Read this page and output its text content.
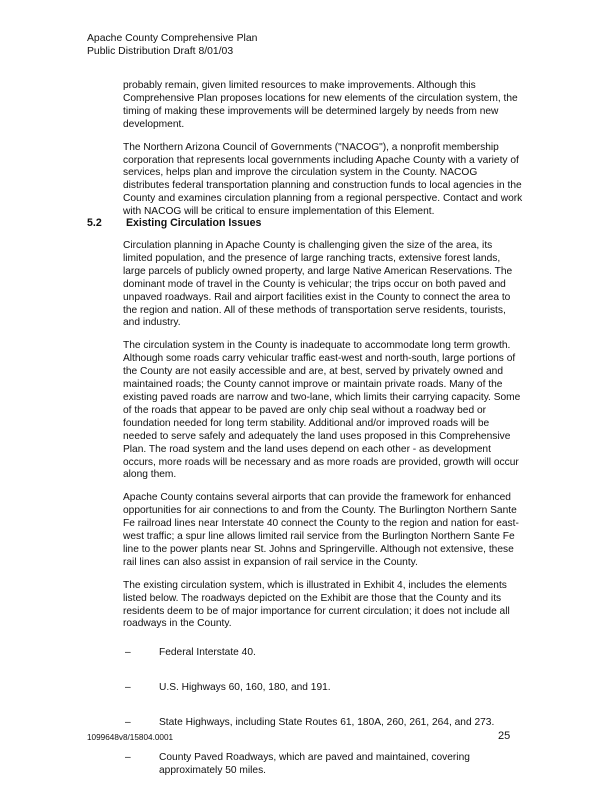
Apache County Comprehensive Plan
Public Distribution Draft 8/01/03

probably remain, given limited resources to make improvements. Although this Comprehensive Plan proposes locations for new elements of the circulation system, the timing of making these improvements will be determined largely by needs from new development.

The Northern Arizona Council of Governments ("NACOG"), a nonprofit membership corporation that represents local governments including Apache County with a variety of services, helps plan and improve the circulation system in the County. NACOG distributes federal transportation planning and construction funds to local agencies in the County and examines circulation planning from a regional perspective. Contact and work with NACOG will be critical to ensure implementation of this Element.

5.2 Existing Circulation Issues

Circulation planning in Apache County is challenging given the size of the area, its limited population, and the presence of large ranching tracts, extensive forest lands, large parcels of publicly owned property, and large Native American Reservations. The dominant mode of travel in the County is vehicular; the trips occur on both paved and unpaved roadways. Rail and airport facilities exist in the County to connect the area to the region and nation. All of these methods of transportation serve residents, tourists, and industry.

The circulation system in the County is inadequate to accommodate long term growth. Although some roads carry vehicular traffic east-west and north-south, large portions of the County are not easily accessible and are, at best, served by privately owned and maintained roads; the County cannot improve or maintain private roads. Many of the existing paved roads are narrow and two-lane, which limits their carrying capacity. Some of the roads that appear to be paved are only chip seal without a roadway bed or foundation needed for long term stability. Additional and/or improved roads will be needed to serve safely and adequately the land uses proposed in this Comprehensive Plan. The road system and the land uses depend on each other - as development occurs, more roads will be necessary and as more roads are provided, growth will occur along them.

Apache County contains several airports that can provide the framework for enhanced opportunities for air connections to and from the County. The Burlington Northern Sante Fe railroad lines near Interstate 40 connect the County to the region and nation for east-west traffic; a spur line allows limited rail service from the Burlington Northern Sante Fe line to the power plants near St. Johns and Springerville. Although not extensive, these rail lines can also assist in expansion of rail service in the County.

The existing circulation system, which is illustrated in Exhibit 4, includes the elements listed below. The roadways depicted on the Exhibit are those that the County and its residents deem to be of major importance for current circulation; it does not include all roadways in the County.

–	Federal Interstate 40.
–	U.S. Highways 60, 160, 180, and 191.
–	State Highways, including State Routes 61, 180A, 260, 261, 264, and 273.
–	County Paved Roadways, which are paved and maintained, covering approximately 50 miles.
1099648v8/15804.0001	25
